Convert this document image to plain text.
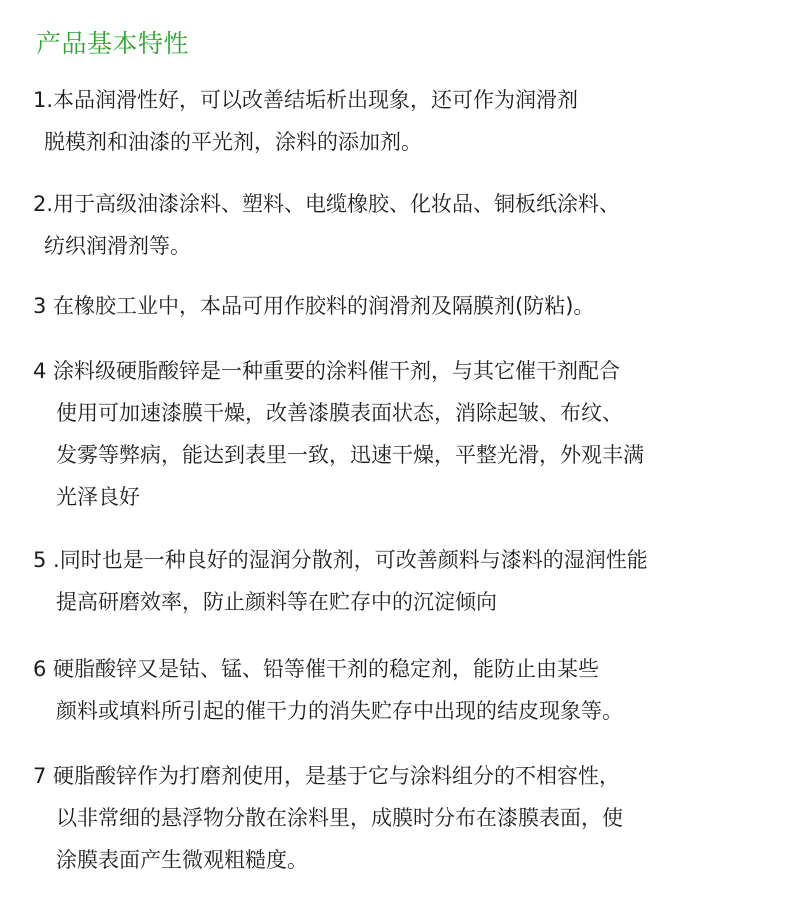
产品基本特性
1.本品润滑性好，可以改善结垢析出现象，还可作为润滑剂
脱模剂和油漆的平光剂，涂料的添加剂。
2.用于高级油漆涂料、塑料、电缆橡胶、化妆品、铜板纸涂料、
纺织润滑剂等。
3 在橡胶工业中，本品可用作胶料的润滑剂及隔膜剂(防粘)。
4 涂料级硬脂酸锌是一种重要的涂料催干剂，与其它催干剂配合
使用可加速漆膜干燥，改善漆膜表面状态，消除起皱、布纹、
发雾等弊病，能达到表里一致，迅速干燥，平整光滑，外观丰满
光泽良好
5 .同时也是一种良好的湿润分散剂，可改善颜料与漆料的湿润性能
提高研磨效率，防止颜料等在贮存中的沉淀倾向
6 硬脂酸锌又是钴、锰、铅等催干剂的稳定剂，能防止由某些
颜料或填料所引起的催干力的消失贮存中出现的结皮现象等。
7 硬脂酸锌作为打磨剂使用，是基于它与涂料组分的不相容性，
以非常细的悬浮物分散在涂料里，成膜时分布在漆膜表面，使
涂膜表面产生微观粗糙度。
